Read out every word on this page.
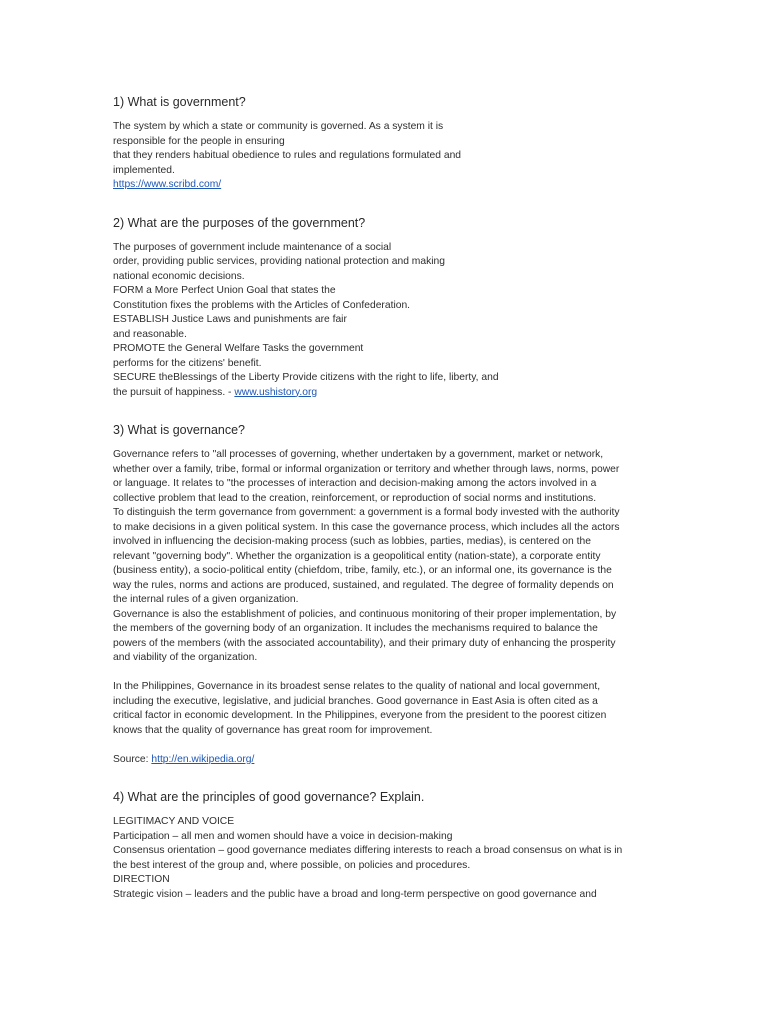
1) What is government?
The system by which a state or community is governed. As a system it is
responsible for the people in ensuring
that they renders habitual obedience to rules and regulations formulated and
implemented.
https://www.scribd.com/
2) What are the purposes of the government?
The purposes of government include maintenance of a social
order, providing public services, providing national protection and making
national economic decisions.
FORM a More Perfect Union Goal that states the
Constitution fixes the problems with the Articles of Confederation.
ESTABLISH Justice Laws and punishments are fair
and reasonable.
PROMOTE the General Welfare Tasks the government
performs for the citizens' benefit.
SECURE theBlessings of the Liberty Provide citizens with the right to life, liberty, and
the pursuit of happiness. - www.ushistory.org
3) What is governance?
Governance refers to "all processes of governing, whether undertaken by a government, market or network,
whether over a family, tribe, formal or informal organization or territory and whether through laws, norms, power
or language. It relates to "the processes of interaction and decision-making among the actors involved in a
collective problem that lead to the creation, reinforcement, or reproduction of social norms and institutions.
To distinguish the term governance from government: a government is a formal body invested with the authority
to make decisions in a given political system. In this case the governance process, which includes all the actors
involved in influencing the decision-making process (such as lobbies, parties, medias), is centered on the
relevant "governing body". Whether the organization is a geopolitical entity (nation-state), a corporate entity
(business entity), a socio-political entity (chiefdom, tribe, family, etc.), or an informal one, its governance is the
way the rules, norms and actions are produced, sustained, and regulated. The degree of formality depends on
the internal rules of a given organization.
Governance is also the establishment of policies, and continuous monitoring of their proper implementation, by
the members of the governing body of an organization. It includes the mechanisms required to balance the
powers of the members (with the associated accountability), and their primary duty of enhancing the prosperity
and viability of the organization.
In the Philippines, Governance in its broadest sense relates to the quality of national and local government,
including the executive, legislative, and judicial branches. Good governance in East Asia is often cited as a
critical factor in economic development. In the Philippines, everyone from the president to the poorest citizen
knows that the quality of governance has great room for improvement.
Source: http://en.wikipedia.org/
4) What are the principles of good governance? Explain.
LEGITIMACY AND VOICE
Participation – all men and women should have a voice in decision-making
Consensus orientation – good governance mediates differing interests to reach a broad consensus on what is in
the best interest of the group and, where possible, on policies and procedures.
DIRECTION
Strategic vision – leaders and the public have a broad and long-term perspective on good governance and
